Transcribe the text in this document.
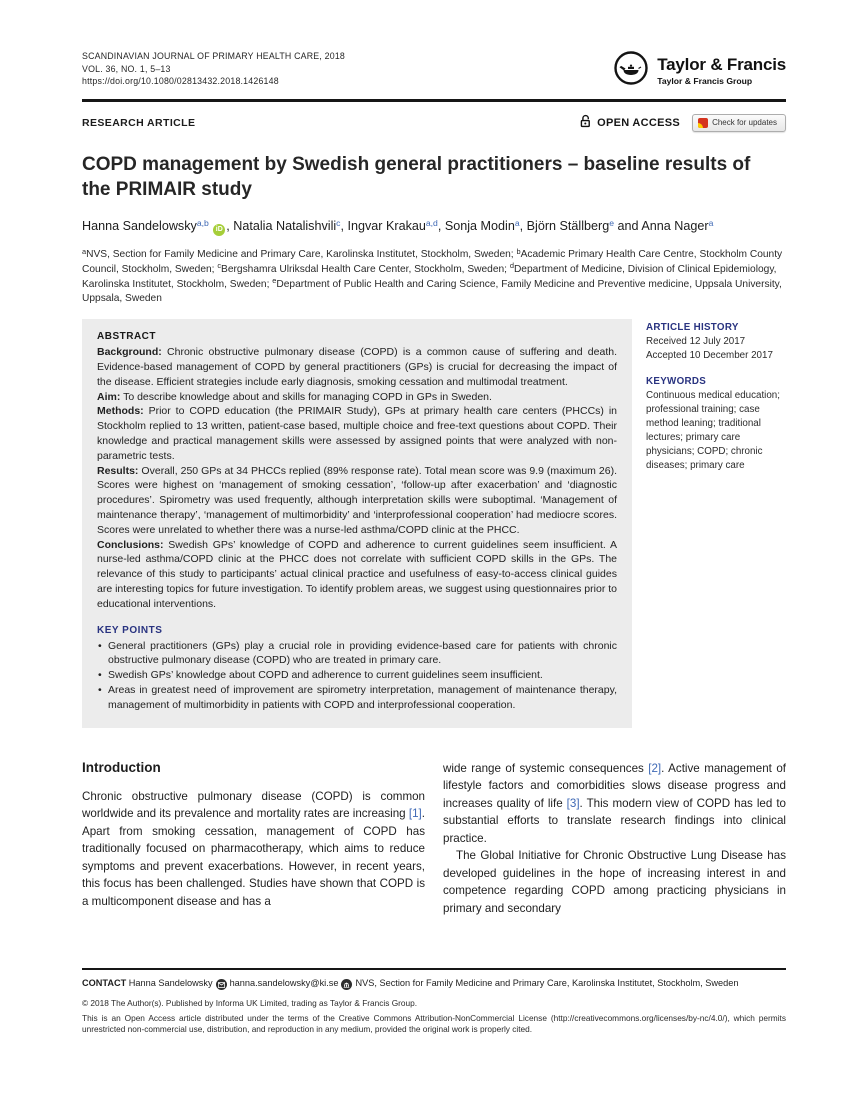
SCANDINAVIAN JOURNAL OF PRIMARY HEALTH CARE, 2018
VOL. 36, NO. 1, 5–13
https://doi.org/10.1080/02813432.2018.1426148
Taylor & Francis
Taylor & Francis Group
RESEARCH ARTICLE	OPEN ACCESS	Check for updates
COPD management by Swedish general practitioners – baseline results of the PRIMAIR study
Hanna Sandelowsky$^{a,b}$ iD , Natalia Natalishvili$^c$, Ingvar Krakau$^{a,d}$, Sonja Modin$^a$, Björn Ställberg$^e$ and Anna Nager$^a$
$^a$NVS, Section for Family Medicine and Primary Care, Karolinska Institutet, Stockholm, Sweden; $^b$Academic Primary Health Care Centre, Stockholm County Council, Stockholm, Sweden; $^c$Bergshamra Ulriksdal Health Care Center, Stockholm, Sweden; $^d$Department of Medicine, Division of Clinical Epidemiology, Karolinska Institutet, Stockholm, Sweden; $^e$Department of Public Health and Caring Science, Family Medicine and Preventive medicine, Uppsala University, Uppsala, Sweden
ABSTRACT
Background: Chronic obstructive pulmonary disease (COPD) is a common cause of suffering and death. Evidence-based management of COPD by general practitioners (GPs) is crucial for decreasing the impact of the disease. Efficient strategies include early diagnosis, smoking cessation and multimodal treatment.
Aim: To describe knowledge about and skills for managing COPD in GPs in Sweden.
Methods: Prior to COPD education (the PRIMAIR Study), GPs at primary health care centers (PHCCs) in Stockholm replied to 13 written, patient-case based, multiple choice and free-text questions about COPD. Their knowledge and practical management skills were assessed by assigned points that were analyzed with non-parametric tests.
Results: Overall, 250 GPs at 34 PHCCs replied (89% response rate). Total mean score was 9.9 (maximum 26). Scores were highest on ‘management of smoking cessation’, ‘follow-up after exacerbation’ and ‘diagnostic procedures’. Spirometry was used frequently, although interpretation skills were suboptimal. ‘Management of maintenance therapy’, ‘management of multimorbidity’ and ‘interprofessional cooperation’ had mediocre scores. Scores were unrelated to whether there was a nurse-led asthma/COPD clinic at the PHCC.
Conclusions: Swedish GPs’ knowledge of COPD and adherence to current guidelines seem insufficient. A nurse-led asthma/COPD clinic at the PHCC does not correlate with sufficient COPD skills in the GPs. The relevance of this study to participants’ actual clinical practice and usefulness of easy-to-access clinical guides are interesting topics for future investigation. To identify problem areas, we suggest using questionnaires prior to educational interventions.
KEY POINTS
• General practitioners (GPs) play a crucial role in providing evidence-based care for patients with chronic obstructive pulmonary disease (COPD) who are treated in primary care.
• Swedish GPs’ knowledge about COPD and adherence to current guidelines seem insufficient.
• Areas in greatest need of improvement are spirometry interpretation, management of maintenance therapy, management of multimorbidity in patients with COPD and interprofessional cooperation.
ARTICLE HISTORY
Received 12 July 2017
Accepted 10 December 2017
KEYWORDS
Continuous medical education; professional training; case method leaning; traditional lectures; primary care physicians; COPD; chronic diseases; primary care
Introduction

Chronic obstructive pulmonary disease (COPD) is common worldwide and its prevalence and mortality rates are increasing [1]. Apart from smoking cessation, management of COPD has traditionally focused on pharmacotherapy, which aims to reduce symptoms and prevent exacerbations. However, in recent years, this focus has been challenged. Studies have shown that COPD is a multicomponent disease and has a

wide range of systemic consequences [2]. Active management of lifestyle factors and comorbidities slows disease progress and increases quality of life [3]. This modern view of COPD has led to substantial efforts to translate research findings into clinical practice.

The Global Initiative for Chronic Obstructive Lung Disease has developed guidelines in the hope of increasing interest in and competence regarding COPD among practicing physicians in primary and secondary

CONTACT Hanna Sandelowsky hanna.sandelowsky@ki.se NVS, Section for Family Medicine and Primary Care, Karolinska Institutet, Stockholm, Sweden
© 2018 The Author(s). Published by Informa UK Limited, trading as Taylor & Francis Group.
This is an Open Access article distributed under the terms of the Creative Commons Attribution-NonCommercial License (http://creativecommons.org/licenses/by-nc/4.0/), which permits unrestricted non-commercial use, distribution, and reproduction in any medium, provided the original work is properly cited.
